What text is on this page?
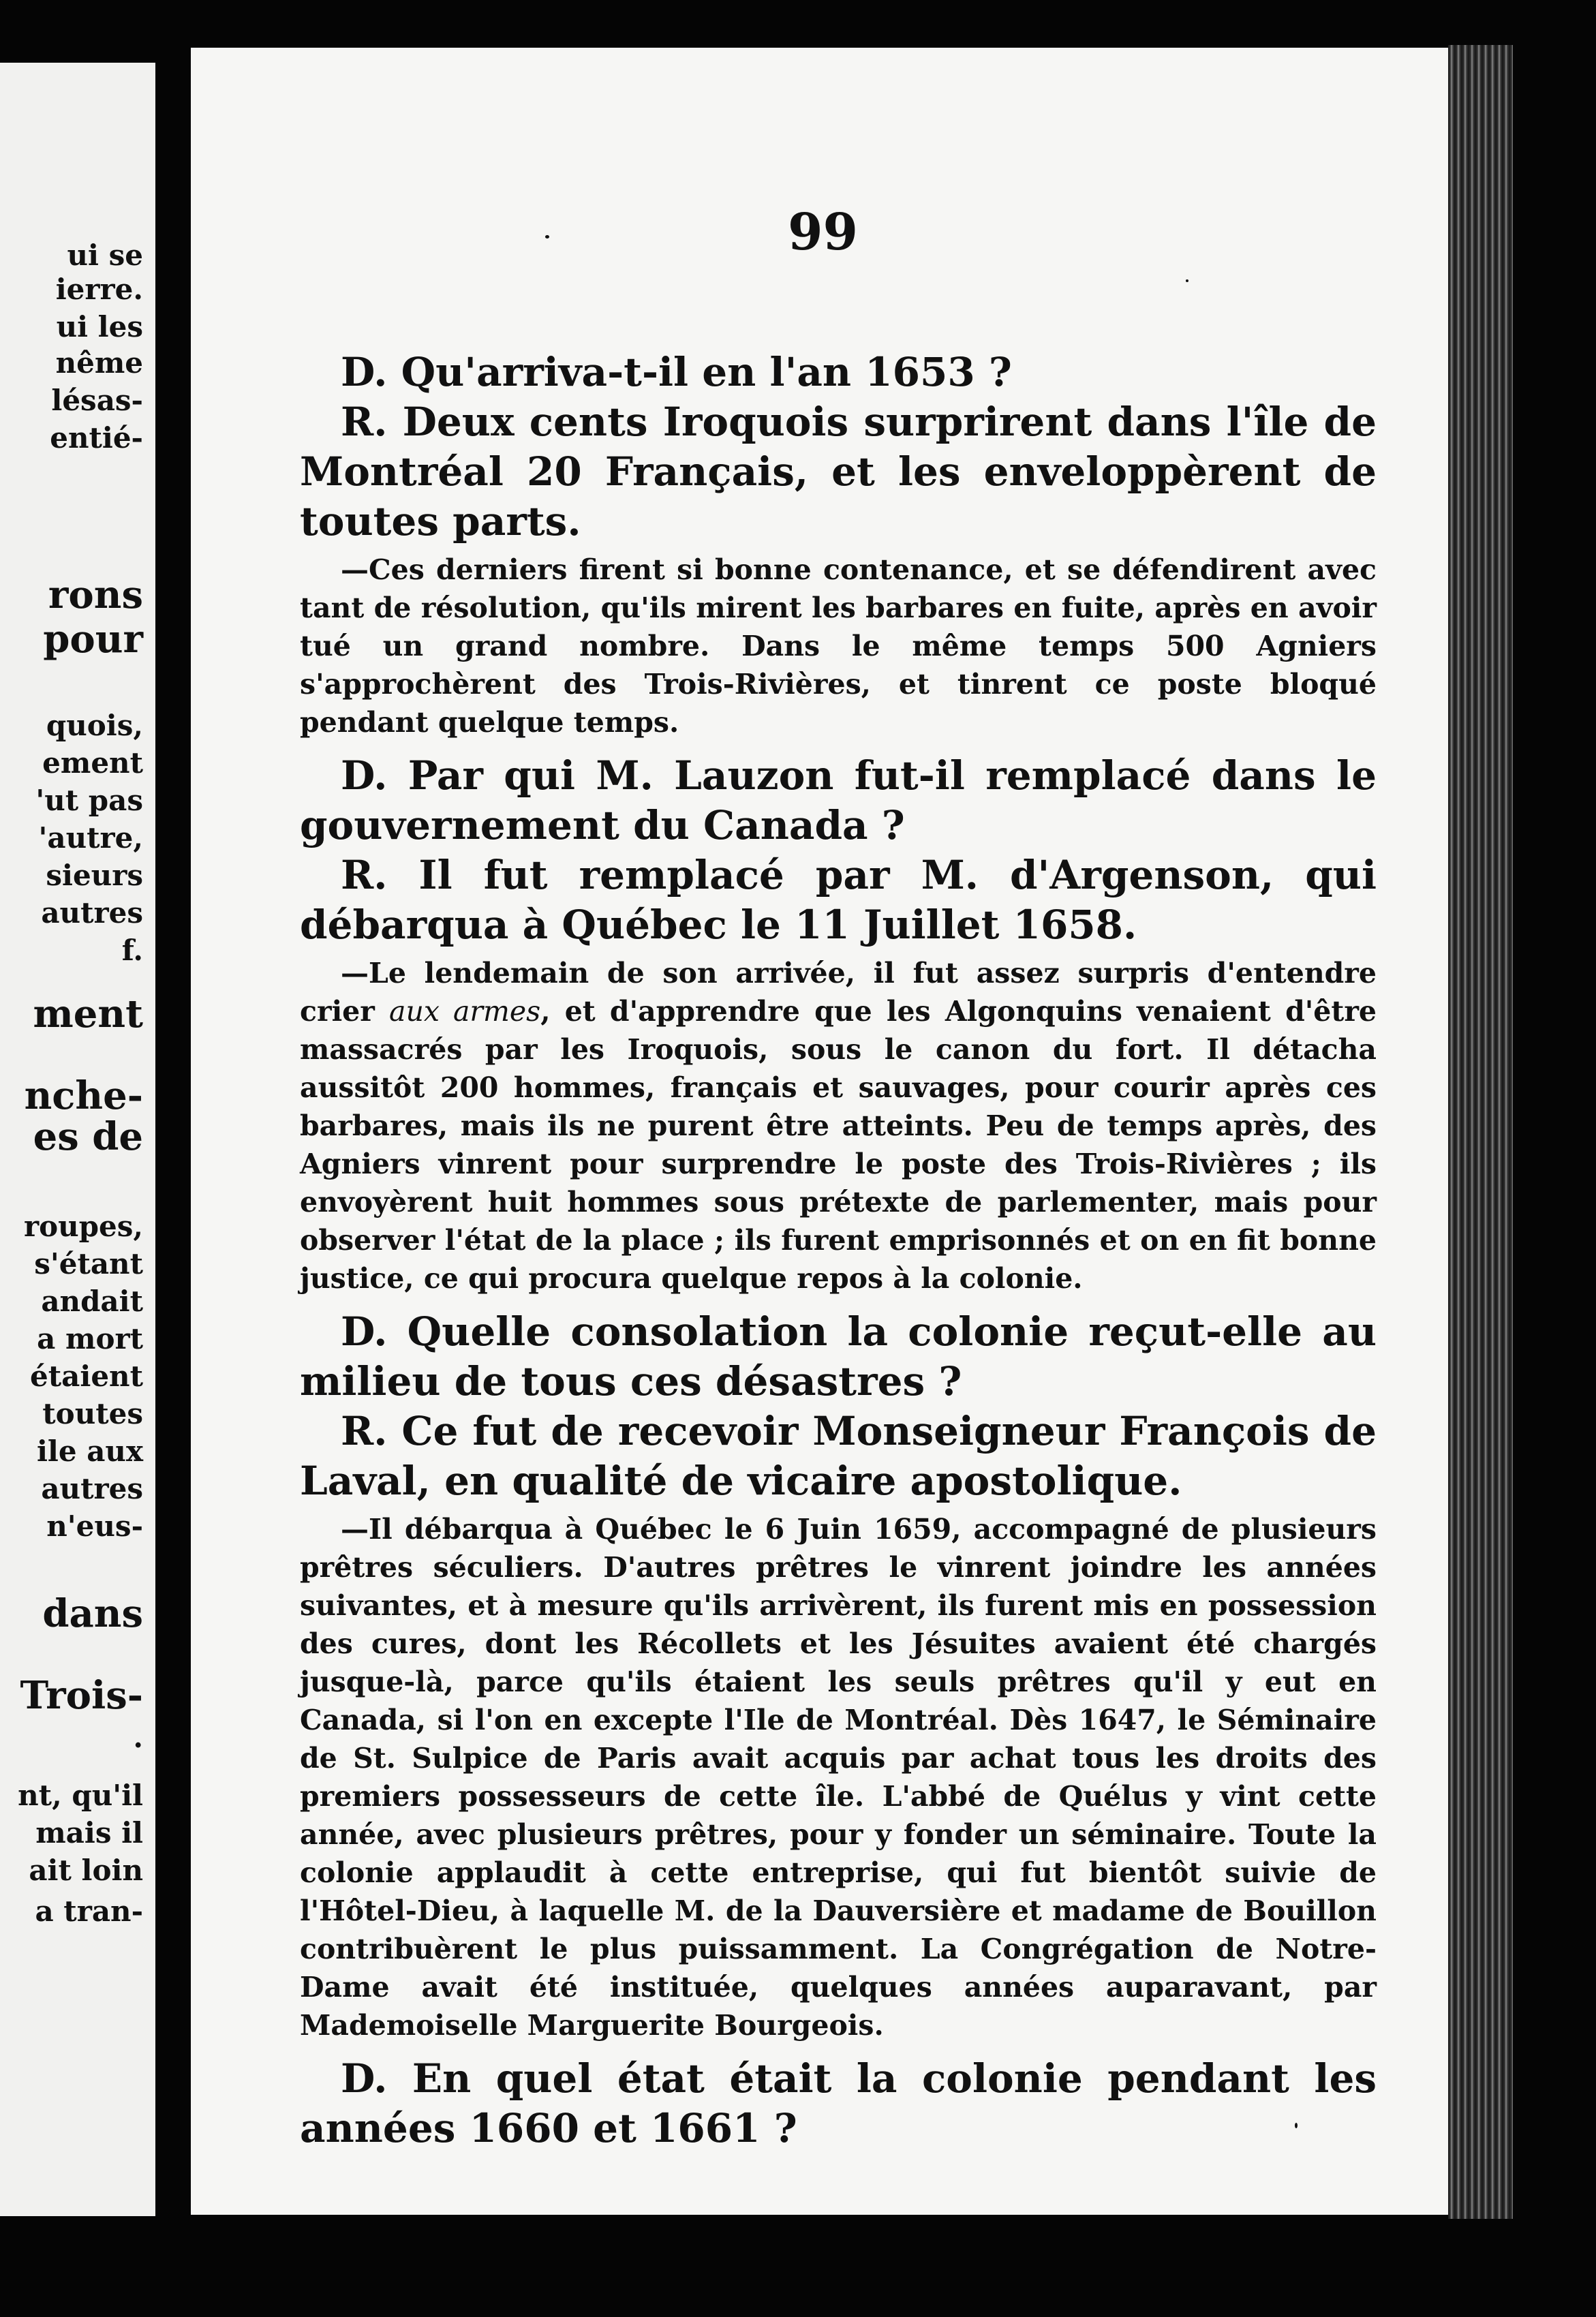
ui se
ierre.
ui les
nême
lésas-
entié-
rons
pour
quois,
ement
'ut pas
'autre,
sieurs
autres
f.
ment
nche-
es de
roupes,
s'étant
andait
a mort
étaient
toutes
ile aux
autres
n'eus-
dans
Trois-
.
nt, qu'il
mais il
ait loin
a tran-
99

D. Qu'arriva-t-il en l'an 1653 ?

R. Deux cents Iroquois surprirent dans l'île de Montréal 20 Français, et les enveloppèrent de toutes parts.

—Ces derniers firent si bonne contenance, et se défendirent avec tant de résolution, qu'ils mirent les barbares en fuite, après en avoir tué un grand nombre. Dans le même temps 500 Agniers s'approchèrent des Trois-Rivières, et tinrent ce poste bloqué pendant quelque temps.

D. Par qui M. Lauzon fut-il remplacé dans le gouvernement du Canada ?

R. Il fut remplacé par M. d'Argenson, qui débarqua à Québec le 11 Juillet 1658.

—Le lendemain de son arrivée, il fut assez surpris d'entendre crier aux armes, et d'apprendre que les Algonquins venaient d'être massacrés par les Iroquois, sous le canon du fort. Il détacha aussitôt 200 hommes, français et sauvages, pour courir après ces barbares, mais ils ne purent être atteints. Peu de temps après, des Agniers vinrent pour surprendre le poste des Trois-Rivières ; ils envoyèrent huit hommes sous prétexte de parlementer, mais pour observer l'état de la place ; ils furent emprisonnés et on en fit bonne justice, ce qui procura quelque repos à la colonie.

D. Quelle consolation la colonie reçut-elle au milieu de tous ces désastres ?

R. Ce fut de recevoir Monseigneur François de Laval, en qualité de vicaire apostolique.

—Il débarqua à Québec le 6 Juin 1659, accompagné de plusieurs prêtres séculiers. D'autres prêtres le vinrent joindre les années suivantes, et à mesure qu'ils arrivèrent, ils furent mis en possession des cures, dont les Récollets et les Jésuites avaient été chargés jusque-là, parce qu'ils étaient les seuls prêtres qu'il y eut en Canada, si l'on en excepte l'Ile de Montréal. Dès 1647, le Séminaire de St. Sulpice de Paris avait acquis par achat tous les droits des premiers possesseurs de cette île. L'abbé de Quélus y vint cette année, avec plusieurs prêtres, pour y fonder un séminaire. Toute la colonie applaudit à cette entreprise, qui fut bientôt suivie de l'Hôtel-Dieu, à laquelle M. de la Dauversière et madame de Bouillon contribuèrent le plus puissamment. La Congrégation de Notre-Dame avait été instituée, quelques années auparavant, par Mademoiselle Marguerite Bourgeois.

D. En quel état était la colonie pendant les années 1660 et 1661 ?
